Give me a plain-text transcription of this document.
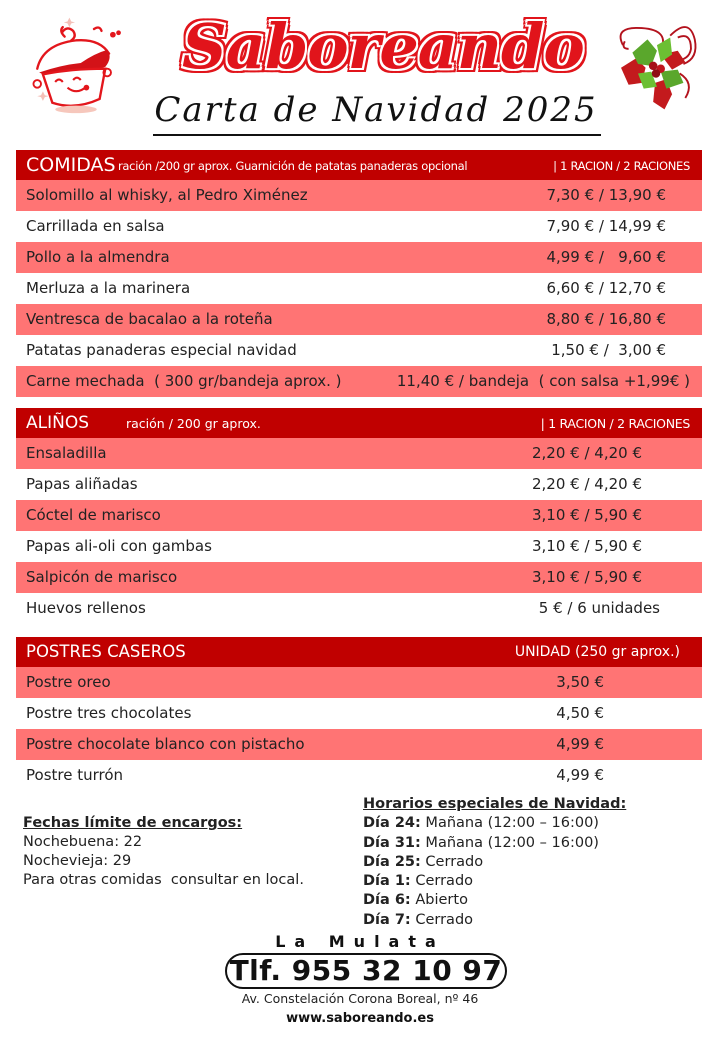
Saboreando
Carta de Navidad 2025
COMIDAS ración /200 gr aprox. Guarnición de patatas panaderas opcional	| 1 RACION / 2 RACIONES
Solomillo al whisky, al Pedro Ximénez	7,30 € / 13,90 €
Carrillada en salsa	7,90 € / 14,99 €
Pollo a la almendra	4,99 € /   9,60 €
Merluza a la marinera	6,60 € / 12,70 €
Ventresca de bacalao a la roteña	8,80 € / 16,80 €
Patatas panaderas especial navidad	1,50 € /  3,00 €
Carne mechada  ( 300 gr/bandeja aprox. )	11,40 € / bandeja  ( con salsa +1,99€ )
ALIÑOS	ración / 200 gr aprox.	| 1 RACION / 2 RACIONES
Ensaladilla	2,20 € / 4,20 €
Papas aliñadas	2,20 € / 4,20 €
Cóctel de marisco	3,10 € / 5,90 €
Papas ali-oli con gambas	3,10 € / 5,90 €
Salpicón de marisco	3,10 € / 5,90 €
Huevos rellenos	5 € / 6 unidades
POSTRES CASEROS	UNIDAD (250 gr aprox.)
Postre oreo	3,50 €
Postre tres chocolates	4,50 €
Postre chocolate blanco con pistacho	4,99 €
Postre turrón	4,99 €
Fechas límite de encargos:
Nochebuena: 22
Nochevieja: 29
Para otras comidas  consultar en local.
Horarios especiales de Navidad:
Día 24: Mañana (12:00 – 16:00)
Día 31: Mañana (12:00 – 16:00)
Día 25: Cerrado
Día 1: Cerrado
Día 6: Abierto
Día 7: Cerrado
La Mulata
Tlf. 955 32 10 97
Av. Constelación Corona Boreal, nº 46
www.saboreando.es
